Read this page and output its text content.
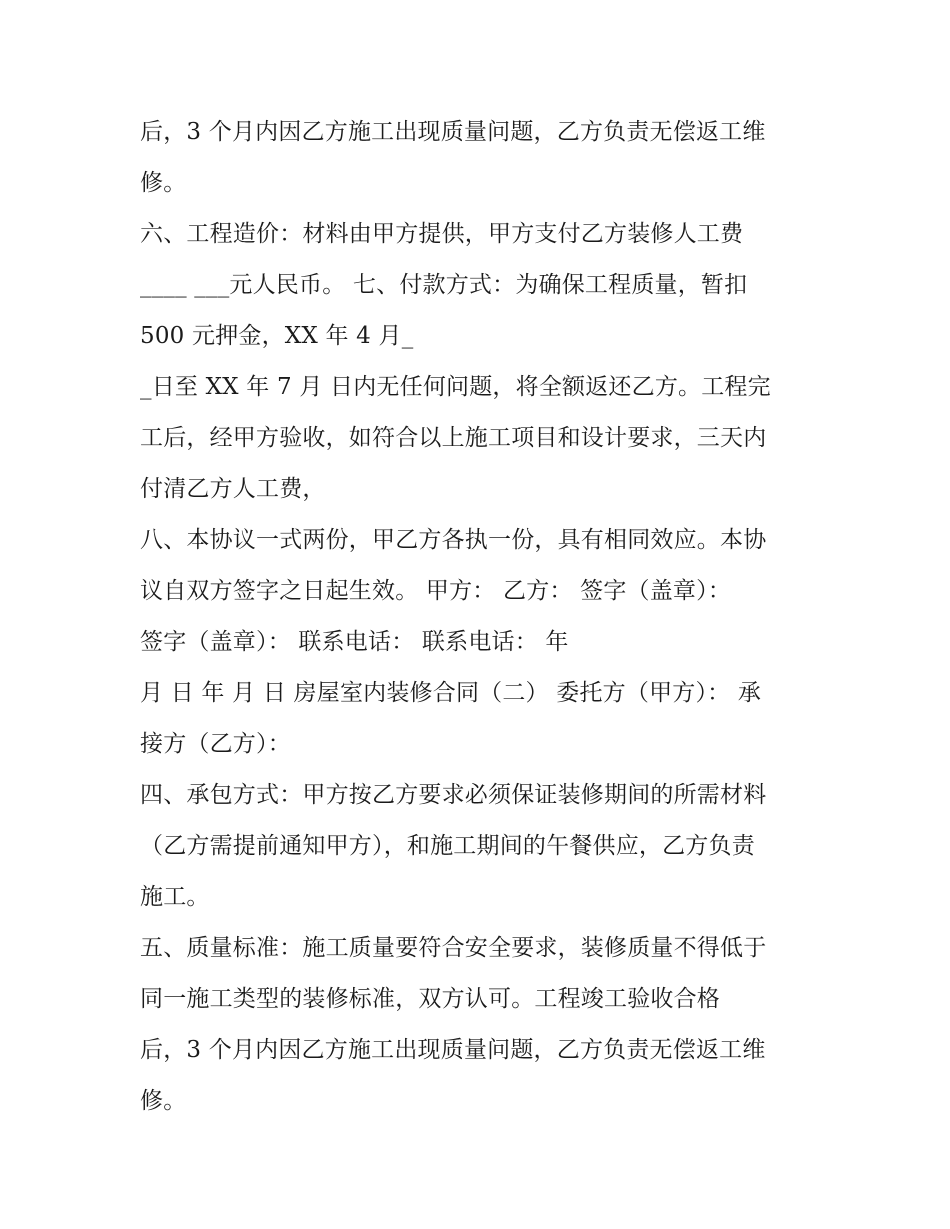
后，3 个月内因乙方施工出现质量问题，乙方负责无偿返工维
修。
六、工程造价：材料由甲方提供，甲方支付乙方装修人工费
____ ___元人民币。 七、付款方式：为确保工程质量，暂扣
500 元押金，XX 年 4 月_
_日至 XX 年 7 月 日内无任何问题，将全额返还乙方。工程完
工后，经甲方验收，如符合以上施工项目和设计要求，三天内
付清乙方人工费，
八、本协议一式两份，甲乙方各执一份，具有相同效应。本协
议自双方签字之日起生效。 甲方： 乙方： 签字（盖章）：
签字（盖章）： 联系电话： 联系电话： 年
月 日 年 月 日 房屋室内装修合同（二） 委托方（甲方）： 承
接方（乙方）：
四、承包方式：甲方按乙方要求必须保证装修期间的所需材料
（乙方需提前通知甲方），和施工期间的午餐供应，乙方负责
施工。
五、质量标准：施工质量要符合安全要求，装修质量不得低于
同一施工类型的装修标准，双方认可。工程竣工验收合格
后，3 个月内因乙方施工出现质量问题，乙方负责无偿返工维
修。
